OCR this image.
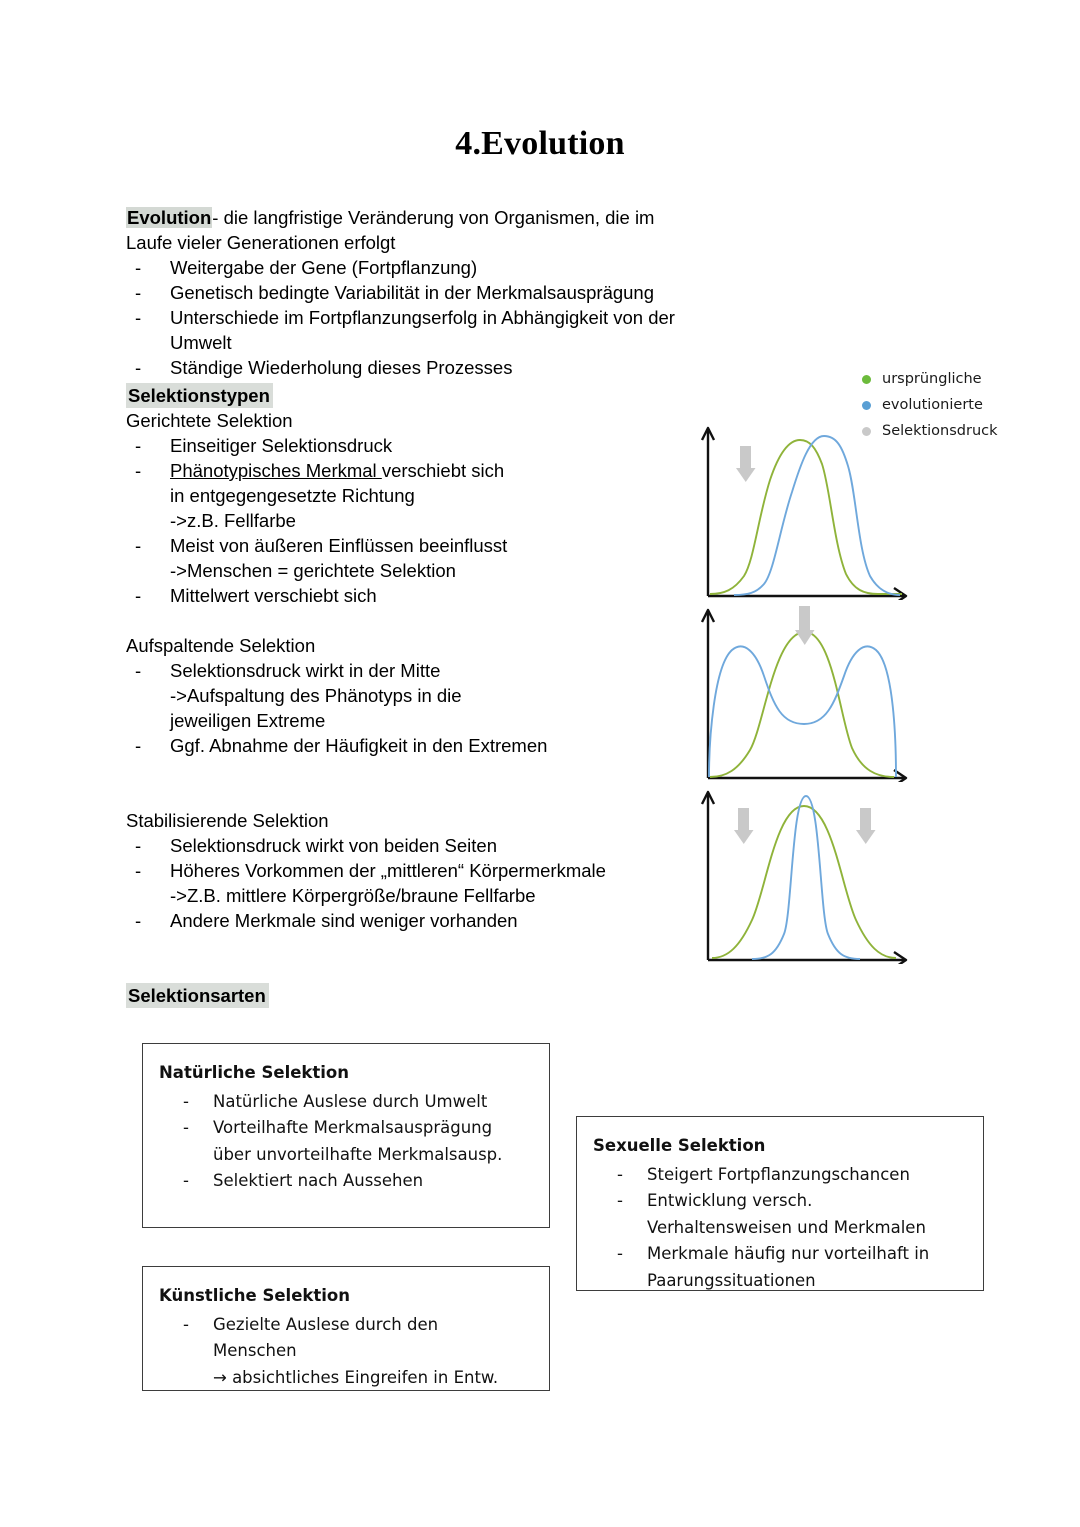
4.Evolution

Evolution- die langfristige Veränderung von Organismen, die im Laufe vieler Generationen erfolgt

- Weitergabe der Gene (Fortpflanzung)
- Genetisch bedingte Variabilität in der Merkmalsausprägung
- Unterschiede im Fortpflanzungserfolg in Abhängigkeit von der Umwelt
- Ständige Wiederholung dieses Prozesses

Selektionstypen

Gerichtete Selektion

- Einseitiger Selektionsdruck
- Phänotypisches Merkmal verschiebt sich
in entgegengesetzte Richtung
->z.B. Fellfarbe
- Meist von äußeren Einflüssen beeinflusst
->Menschen = gerichtete Selektion
- Mittelwert verschiebt sich

Aufspaltende Selektion

- Selektionsdruck wirkt in der Mitte
->Aufspaltung des Phänotyps in die
jeweiligen Extreme
- Ggf. Abnahme der Häufigkeit in den Extremen

Stabilisierende Selektion

- Selektionsdruck wirkt von beiden Seiten
- Höheres Vorkommen der „mittleren“ Körpermerkmale
->Z.B. mittlere Körpergröße/braune Fellfarbe
- Andere Merkmale sind weniger vorhanden

Selektionsarten

ursprüngliche
evolutionierte
Selektionsdruck

Natürliche Selektion

- Natürliche Auslese durch Umwelt
- Vorteilhafte Merkmalsausprägung
über unvorteilhafte Merkmalsausp.
- Selektiert nach Aussehen

Sexuelle Selektion

- Steigert Fortpflanzungschancen
- Entwicklung versch.
Verhaltensweisen und Merkmalen
- Merkmale häufig nur vorteilhaft in
Paarungssituationen

Künstliche Selektion

- Gezielte Auslese durch den
Menschen
→ absichtliches Eingreifen in Entw.
